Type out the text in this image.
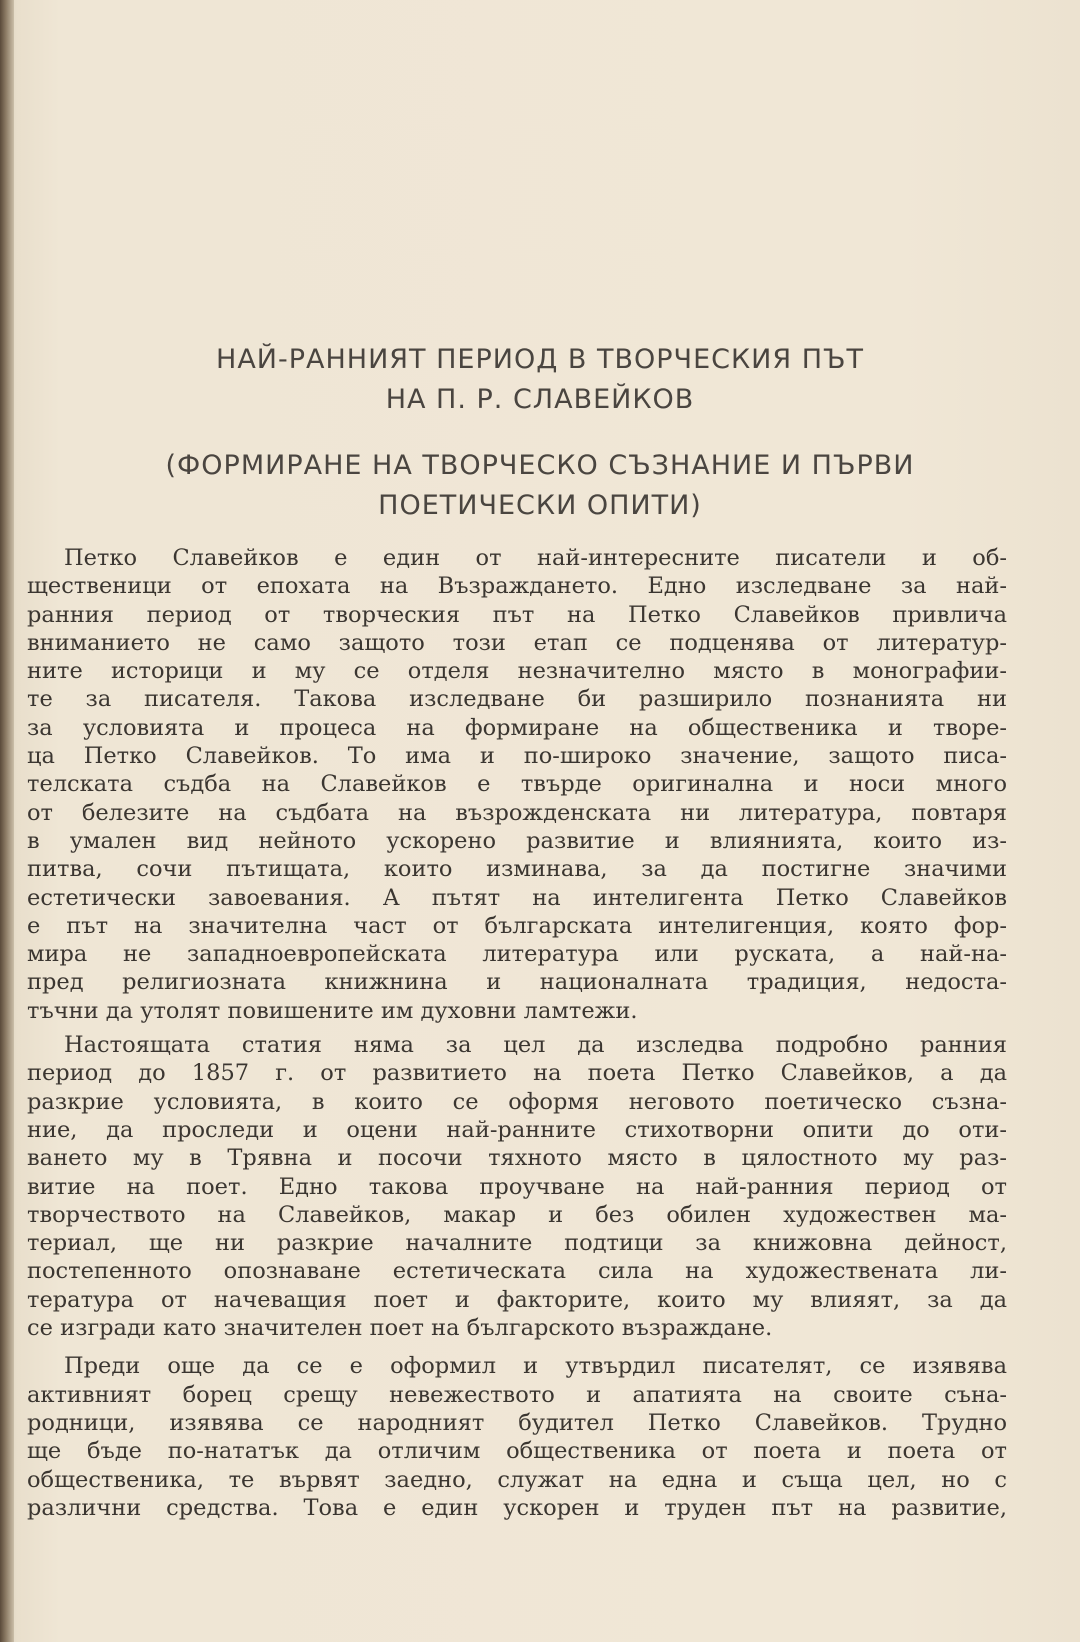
НАЙ-РАННИЯТ ПЕРИОД В ТВОРЧЕСКИЯ ПЪТ
НА П. Р. СЛАВЕЙКОВ
(ФОРМИРАНЕ НА ТВОРЧЕСКО СЪЗНАНИЕ И ПЪРВИ
ПОЕТИЧЕСКИ ОПИТИ)
Петко Славейков е един от най-интересните писатели и об-
щественици от епохата на Възраждането. Едно изследване за най-
ранния период от творческия път на Петко Славейков привлича
вниманието не само защото този етап се подценява от литератур-
ните историци и му се отделя незначително място в монографии-
те за писателя. Такова изследване би разширило познанията ни
за условията и процеса на формиране на общественика и творе-
ца Петко Славейков. То има и по-широко значение, защото писа-
телската съдба на Славейков е твърде оригинална и носи много
от белезите на съдбата на възрожденската ни литература, повтаря
в умален вид нейното ускорено развитие и влиянията, които из-
питва, сочи пътищата, които изминава, за да постигне значими
естетически завоевания. А пътят на интелигента Петко Славейков
е път на значителна част от българската интелигенция, която фор-
мира не западноевропейската литература или руската, а най-на-
пред религиозната книжнина и националната традиция, недоста-
тъчни да утолят повишените им духовни ламтежи.
Настоящата статия няма за цел да изследва подробно ранния
период до 1857 г. от развитието на поета Петко Славейков, а да
разкрие условията, в които се оформя неговото поетическо съзна-
ние, да проследи и оцени най-ранните стихотворни опити до оти-
ването му в Трявна и посочи тяхното място в цялостното му раз-
витие на поет. Едно такова проучване на най-ранния период от
творчеството на Славейков, макар и без обилен художествен ма-
териал, ще ни разкрие началните подтици за книжовна дейност,
постепенното опознаване естетическата сила на художествената ли-
тература от начеващия поет и факторите, които му влияят, за да
се изгради като значителен поет на българското възраждане.
Преди още да се е оформил и утвърдил писателят, се изявява
активният борец срещу невежеството и апатията на своите съна-
родници, изявява се народният будител Петко Славейков. Трудно
ще бъде по-нататък да отличим общественика от поета и поета от
общественика, те вървят заедно, служат на една и съща цел, но с
различни средства. Това е един ускорен и труден път на развитие,
